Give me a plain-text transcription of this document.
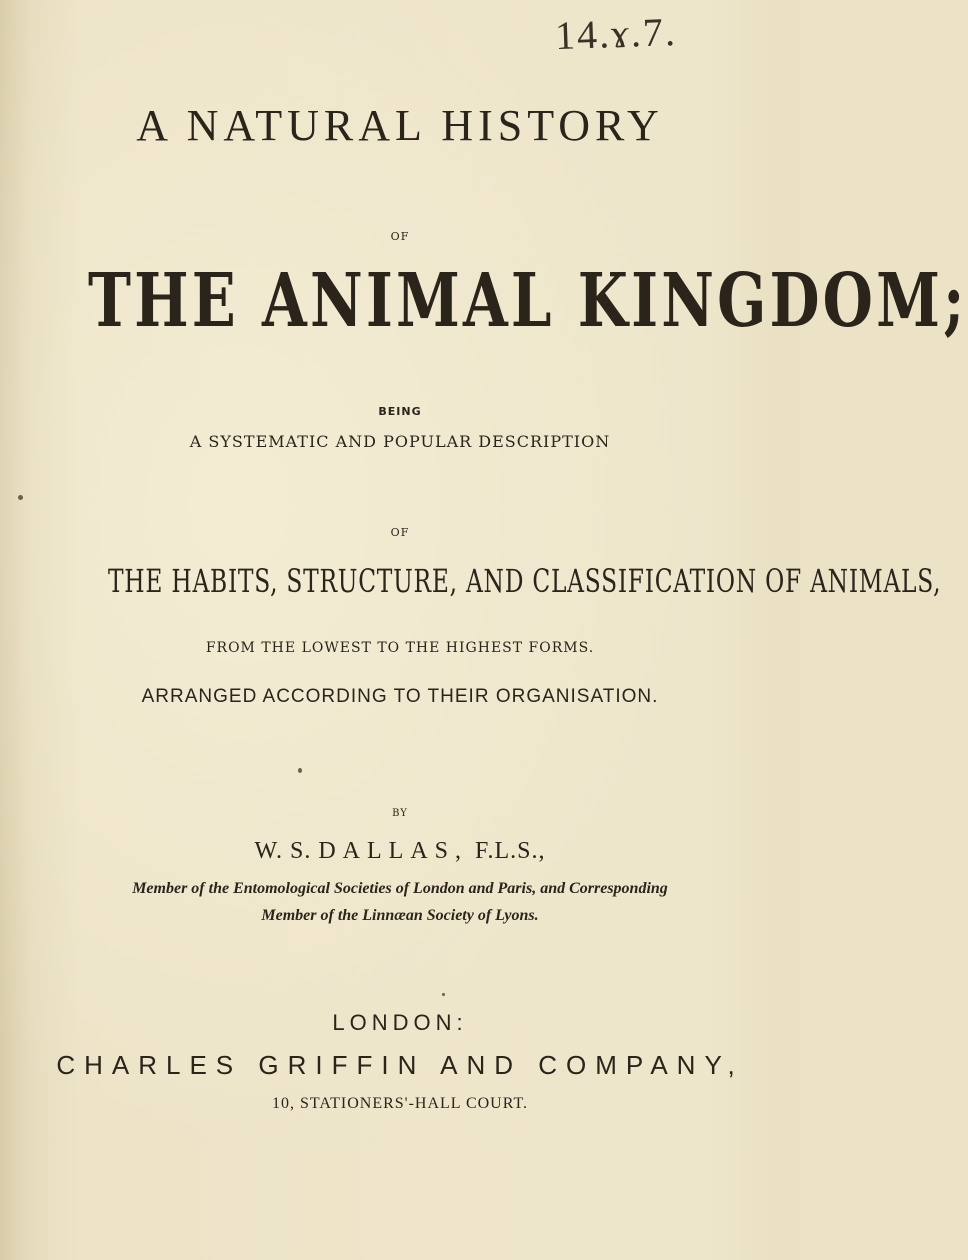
14.ɤ.7.
A NATURAL HISTORY
OF
THE ANIMAL KINGDOM;
BEING
A SYSTEMATIC AND POPULAR DESCRIPTION
OF
THE HABITS, STRUCTURE, AND CLASSIFICATION OF ANIMALS,
FROM THE LOWEST TO THE HIGHEST FORMS.
ARRANGED ACCORDING TO THEIR ORGANISATION.
BY
W. S. DALLAS, F.L.S.,
Member of the Entomological Societies of London and Paris, and Corresponding
Member of the Linnæan Society of Lyons.
LONDON:
CHARLES GRIFFIN AND COMPANY,
10, STATIONERS'-HALL COURT.
